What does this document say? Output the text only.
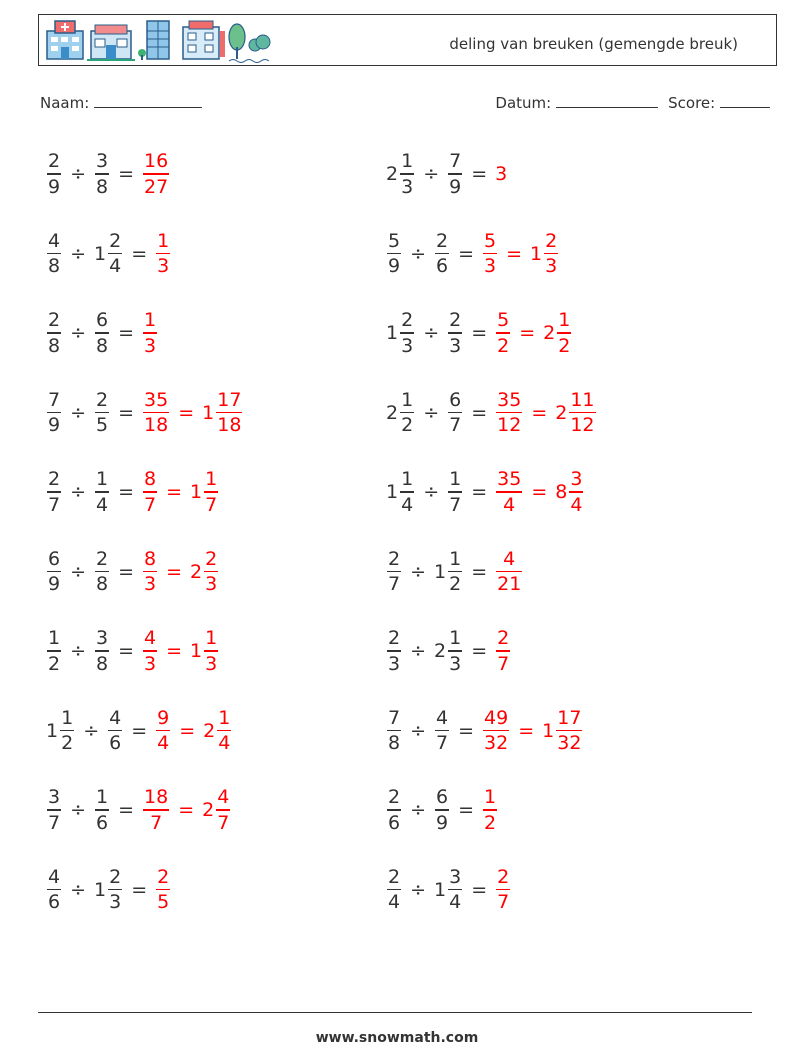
deling van breuken (gemengde breuk)
Naam:	Datum:	Score:
$\frac{2}{9} \div \frac{3}{8} = \frac{16}{27}$	$2 \frac{1}{3} \div \frac{7}{9} = 3$
$\frac{4}{8} \div 1 \frac{2}{4} = \frac{1}{3}$	$\frac{5}{9} \div \frac{2}{6} = \frac{5}{3} = 1 \frac{2}{3}$
$\frac{2}{8} \div \frac{6}{8} = \frac{1}{3}$	$1 \frac{2}{3} \div \frac{2}{3} = \frac{5}{2} = 2 \frac{1}{2}$
$\frac{7}{9} \div \frac{2}{5} = \frac{35}{18} = 1 \frac{17}{18}$	$2 \frac{1}{2} \div \frac{6}{7} = \frac{35}{12} = 2 \frac{11}{12}$
$\frac{2}{7} \div \frac{1}{4} = \frac{8}{7} = 1 \frac{1}{7}$	$1 \frac{1}{4} \div \frac{1}{7} = \frac{35}{4} = 8 \frac{3}{4}$
$\frac{6}{9} \div \frac{2}{8} = \frac{8}{3} = 2 \frac{2}{3}$	$\frac{2}{7} \div 1 \frac{1}{2} = \frac{4}{21}$
$\frac{1}{2} \div \frac{3}{8} = \frac{4}{3} = 1 \frac{1}{3}$	$\frac{2}{3} \div 2 \frac{1}{3} = \frac{2}{7}$
$1 \frac{1}{2} \div \frac{4}{6} = \frac{9}{4} = 2 \frac{1}{4}$	$\frac{7}{8} \div \frac{4}{7} = \frac{49}{32} = 1 \frac{17}{32}$
$\frac{3}{7} \div \frac{1}{6} = \frac{18}{7} = 2 \frac{4}{7}$	$\frac{2}{6} \div \frac{6}{9} = \frac{1}{2}$
$\frac{4}{6} \div 1 \frac{2}{3} = \frac{2}{5}$	$\frac{2}{4} \div 1 \frac{3}{4} = \frac{2}{7}$
www.snowmath.com
